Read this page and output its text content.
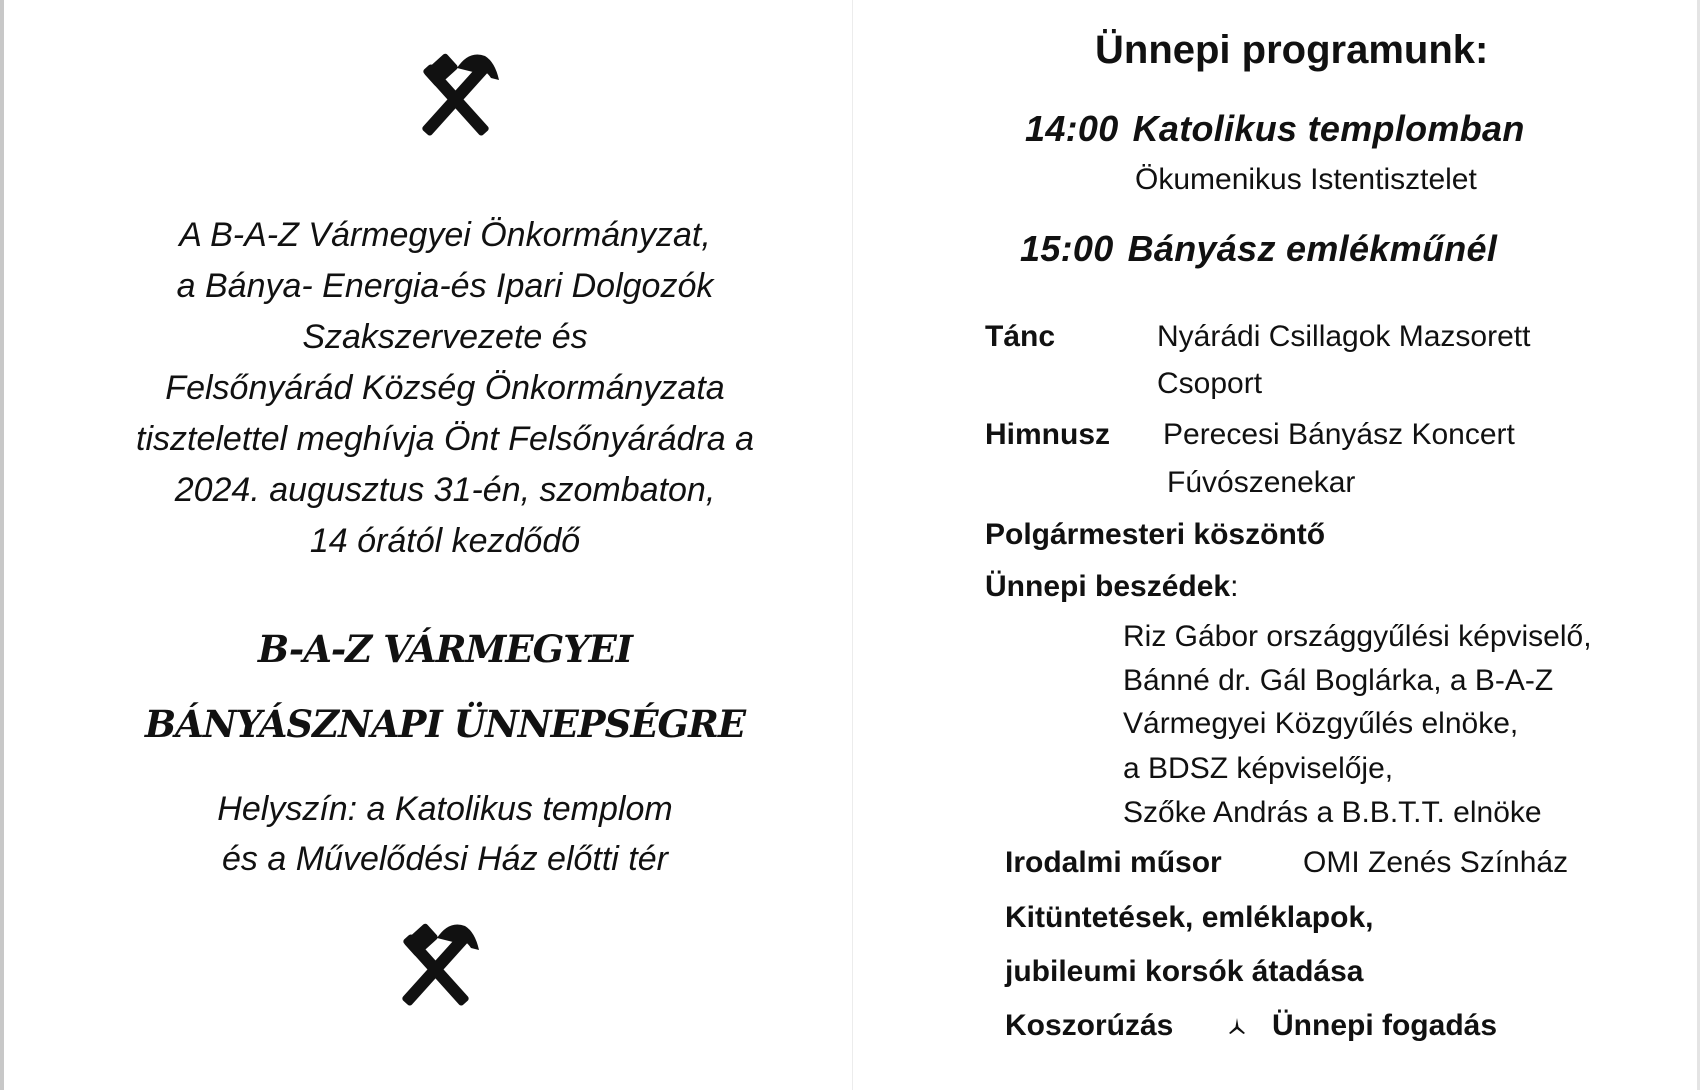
A B-A-Z Vármegyei Önkormányzat,
a Bánya- Energia-és Ipari Dolgozók
Szakszervezete és
Felsőnyárád Község Önkormányzata
tisztelettel meghívja Önt Felsőnyárádra a
2024. augusztus 31-én, szombaton,
14 órától kezdődő

B-A-Z VÁRMEGYEI
BÁNYÁSZNAPI ÜNNEPSÉGRE
Helyszín: a Katolikus templom
és a Művelődési Ház előtti tér
Ünnepi programunk:
14:00 Katolikus templomban
Ökumenikus Istentisztelet
15:00 Bányász emlékműnél
Tánc	Nyárádi Csillagok Mazsorett
Csoport
Himnusz Perecesi Bányász Koncert
Fúvószenekar
Polgármesteri köszöntő
Ünnepi beszédek:
Riz Gábor országgyűlési képviselő,
Bánné dr. Gál Boglárka, a B-A-Z
Vármegyei Közgyűlés elnöke,
a BDSZ képviselője,
Szőke András a B.B.T.T. elnöke
Irodalmi műsor	OMI Zenés Színház
Kitüntetések, emléklapok,
jubileumi korsók átadása
Koszorúzás	Ünnepi fogadás
